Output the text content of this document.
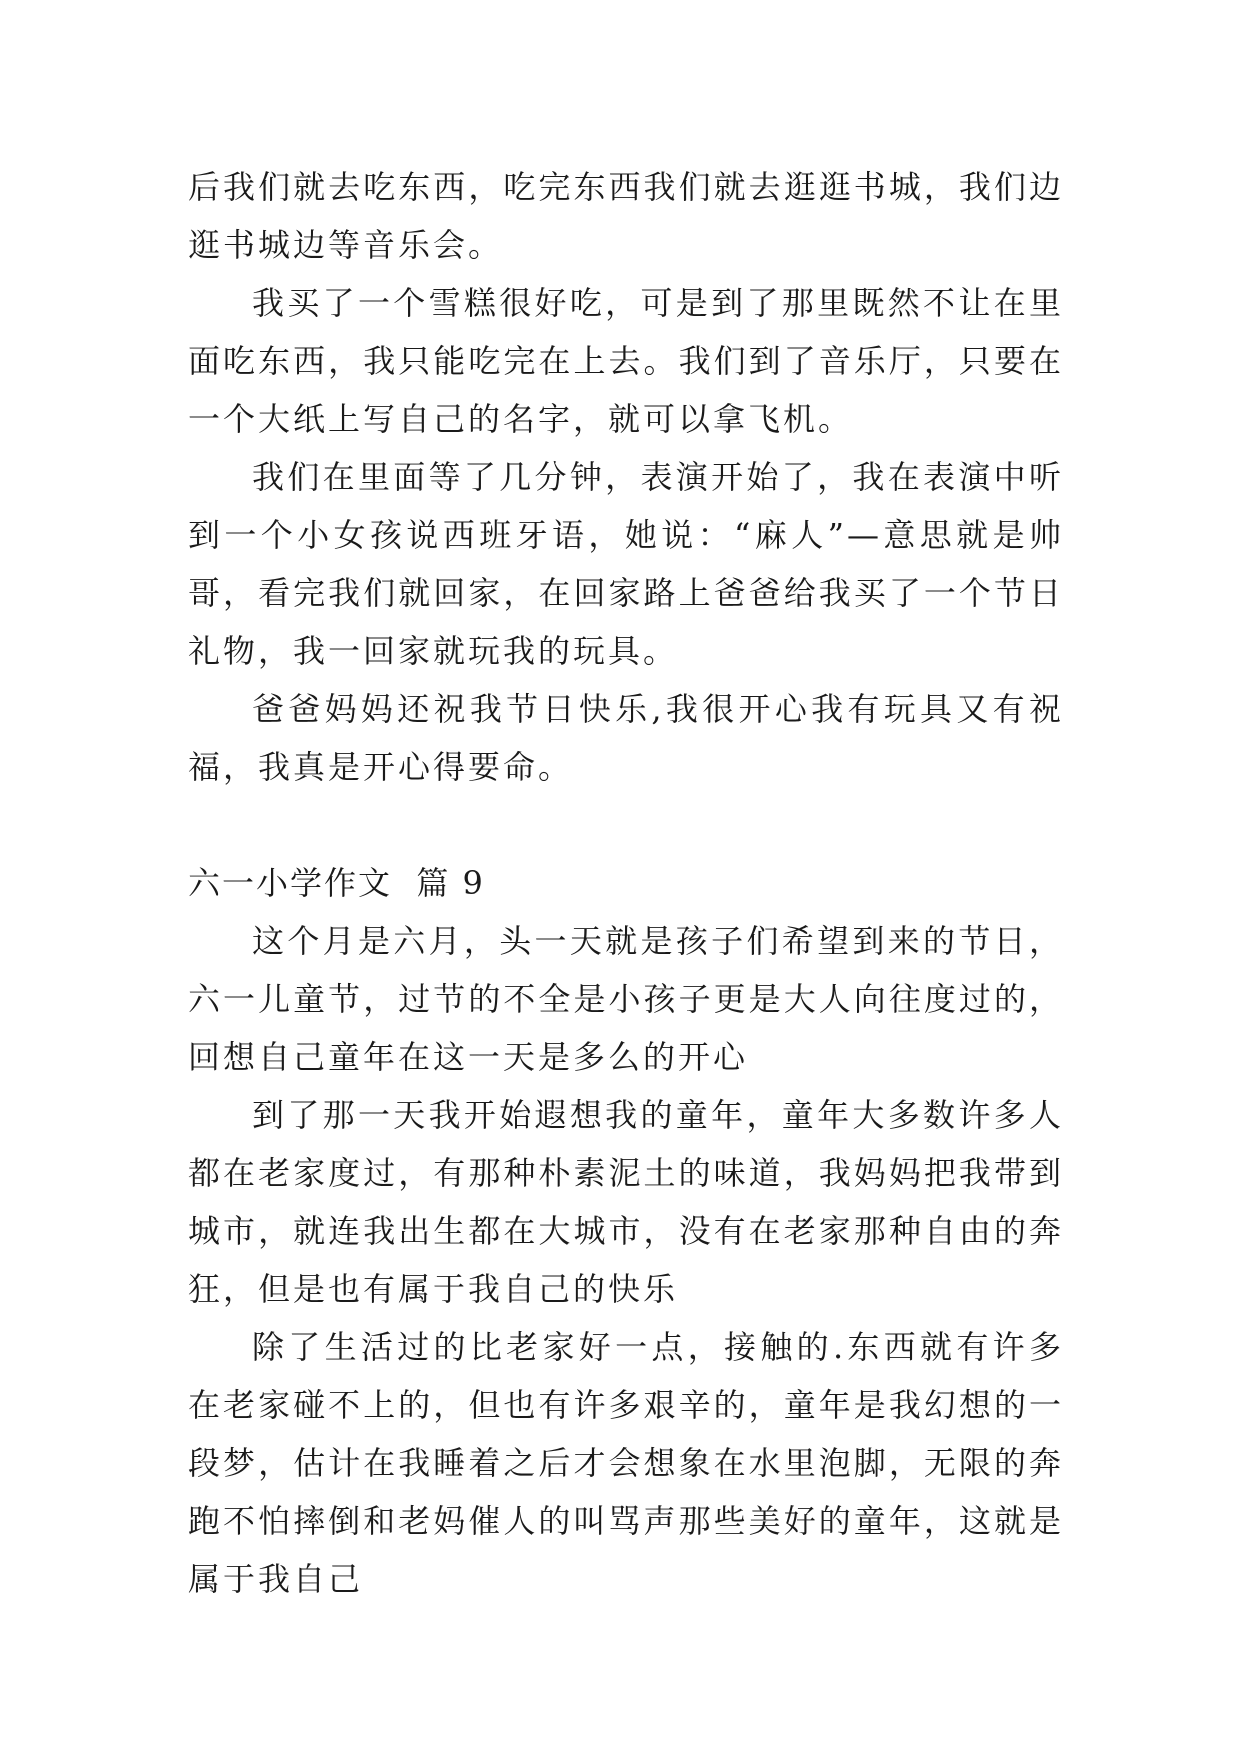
后我们就去吃东西，吃完东西我们就去逛逛书城，我们边逛书城边等音乐会。

我买了一个雪糕很好吃，可是到了那里既然不让在里面吃东西，我只能吃完在上去。我们到了音乐厅，只要在一个大纸上写自己的名字，就可以拿飞机。

我们在里面等了几分钟，表演开始了，我在表演中听到一个小女孩说西班牙语，她说：“麻人”—意思就是帅哥，看完我们就回家，在回家路上爸爸给我买了一个节日礼物，我一回家就玩我的玩具。

爸爸妈妈还祝我节日快乐,我很开心我有玩具又有祝福，我真是开心得要命。

六一小学作文  篇 9

这个月是六月，头一天就是孩子们希望到来的节日，六一儿童节，过节的不全是小孩子更是大人向往度过的，回想自己童年在这一天是多么的开心

到了那一天我开始遐想我的童年，童年大多数许多人都在老家度过，有那种朴素泥土的味道，我妈妈把我带到城市，就连我出生都在大城市，没有在老家那种自由的奔狂，但是也有属于我自己的快乐

除了生活过的比老家好一点，接触的.东西就有许多在老家碰不上的，但也有许多艰辛的，童年是我幻想的一段梦，估计在我睡着之后才会想象在水里泡脚，无限的奔跑不怕摔倒和老妈催人的叫骂声那些美好的童年，这就是属于我自己
